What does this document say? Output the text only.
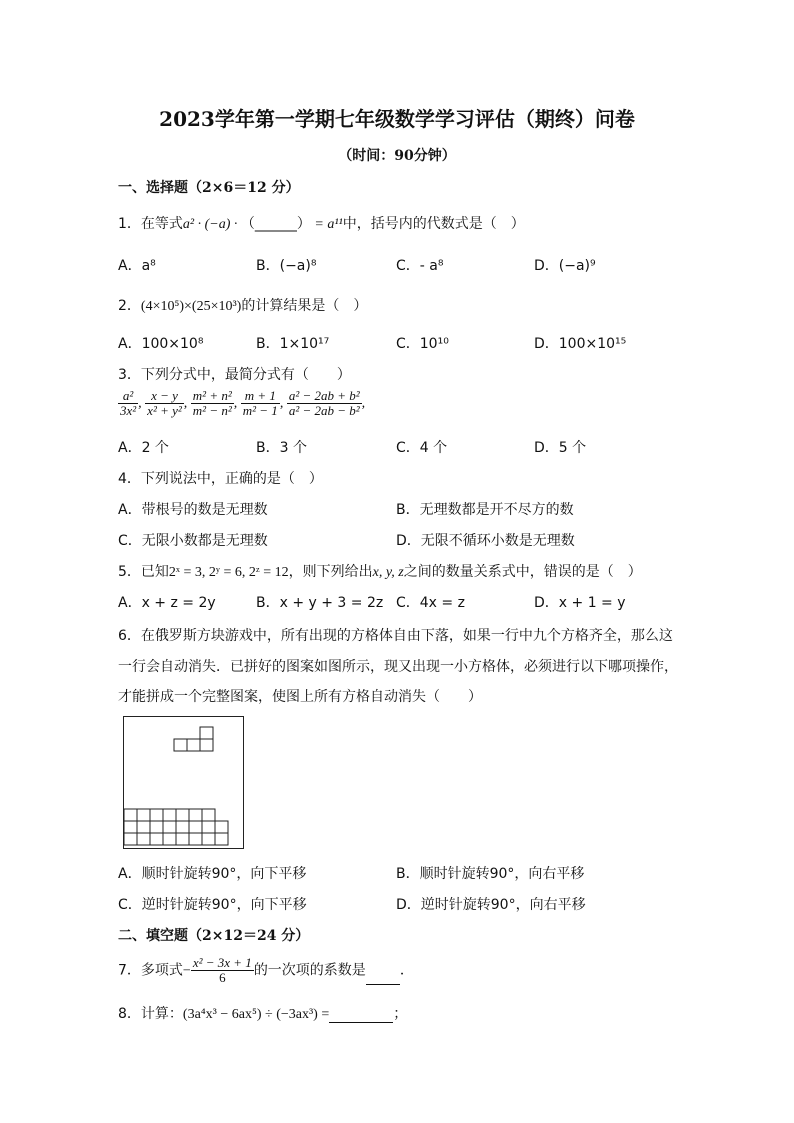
2023学年第一学期七年级数学学习评估（期终）问卷
（时间：90分钟）
一、选择题（2×6＝12 分）
1．在等式a² · (−a) · （______） = a¹¹中，括号内的代数式是（　）
A．a⁸	B．(−a)⁸	C．- a⁸	D．(−a)⁹
2．(4×10⁵)×(25×10³)的计算结果是（　）
A．100×10⁸	B．1×10¹⁷	C．10¹⁰	D．100×10¹⁵
3．下列分式中，最简分式有（　　）
$\frac{\text{a²}}{\text{3x²}}$ , $\frac{x - y}{\text{x² + y²}}$ , $\frac{\text{m² + n²}}{\text{m² − n²}}$ , $\frac{m + 1}{\text{m² − 1}}$ , $\frac{\text{a² − 2ab + b²}}{\text{a² − 2ab − b²}}$ ,
A．2 个	B．3 个	C．4 个	D．5 个
4．下列说法中，正确的是（　）
A．带根号的数是无理数	B．无理数都是开不尽方的数
C．无限小数都是无理数	D．无限不循环小数是无理数
5．已知2ˣ = 3, 2ʸ = 6, 2ᶻ = 12，则下列给出x, y, z之间的数量关系式中，错误的是（　）
A．x + z = 2y	B．x + y + 3 = 2z C．4x = z	D．x + 1 = y
6．在俄罗斯方块游戏中，所有出现的方格体自由下落，如果一行中九个方格齐全，那么这
一行会自动消失．已拼好的图案如图所示，现又出现一小方格体，必须进行以下哪项操作，
才能拼成一个完整图案，使图上所有方格自动消失（　　）
A．顺时针旋转90°，向下平移	B．顺时针旋转90°，向右平移
C．逆时针旋转90°，向下平移	D．逆时针旋转90°，向右平移
二、填空题（2×12＝24 分）
7．多项式− $\frac{\text{x² − 3x + 1}}{6}$ 的一次项的系数是 ．
8．计算：(3a⁴x³ − 6ax⁵) ÷ (−3ax³) =	；
